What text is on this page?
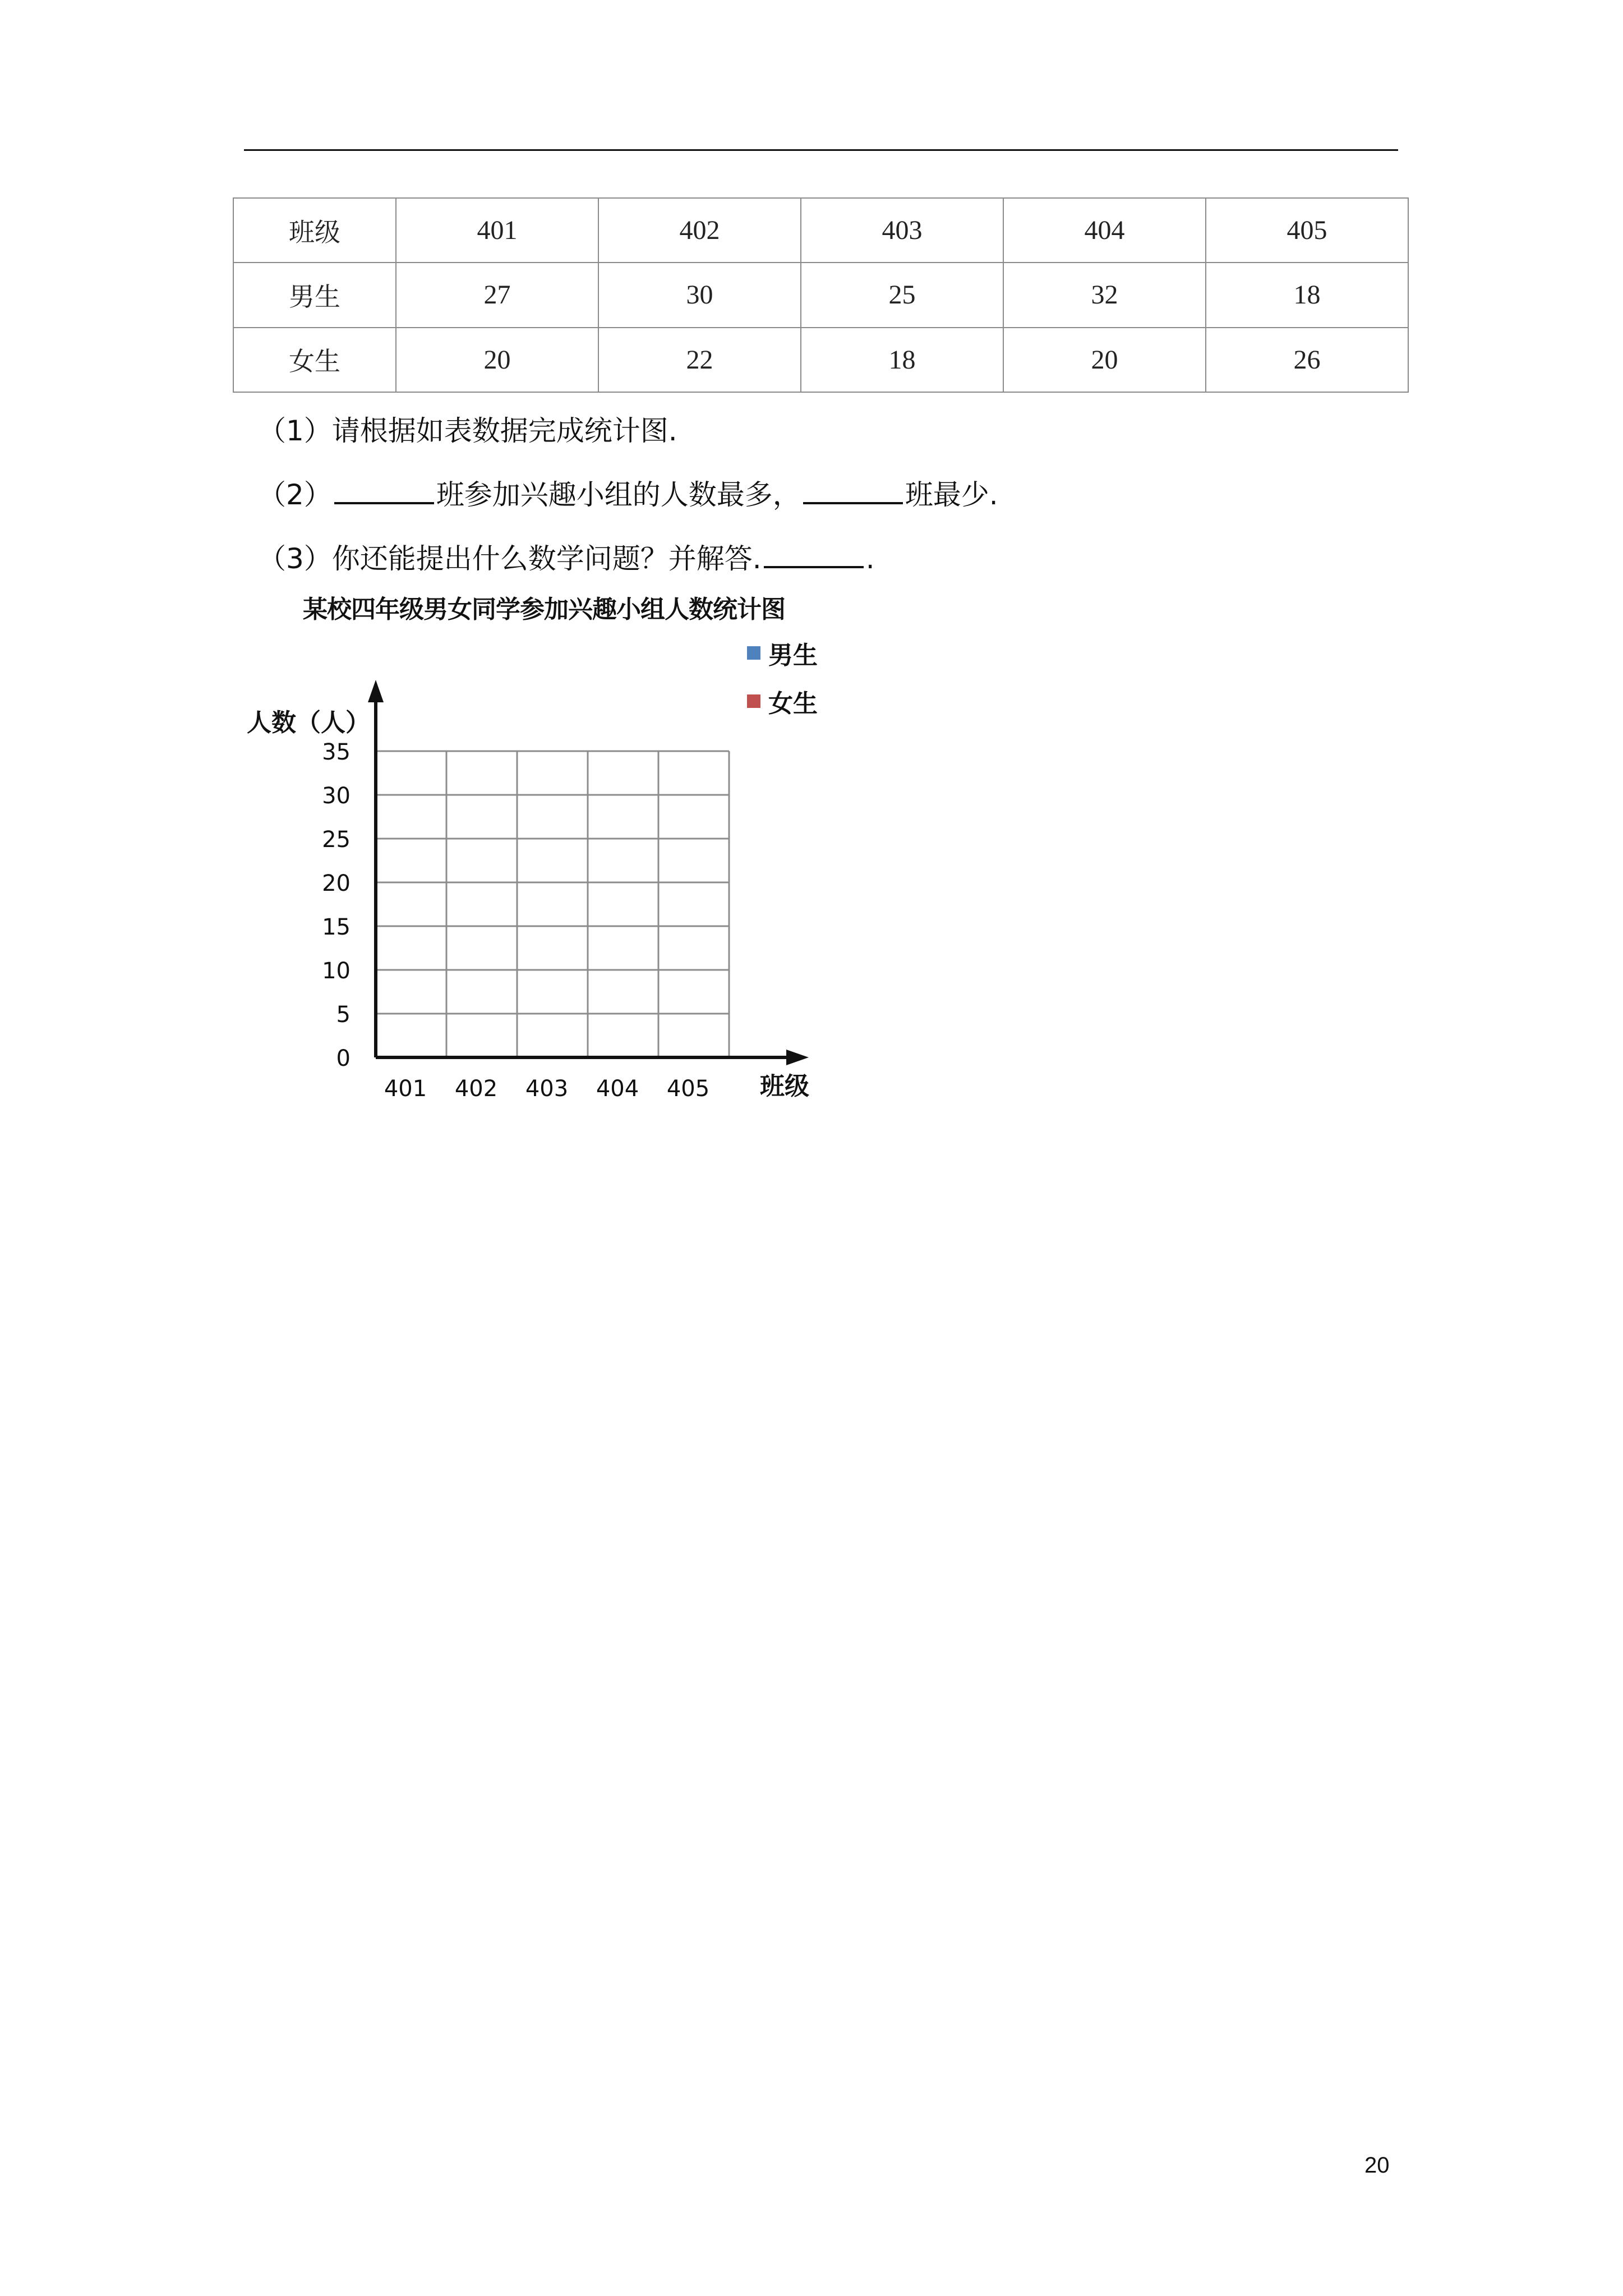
班级	401	402	403	404	405
男生	27	30	25	32	18
女生	20	22	18	20	26
（1）请根据如表数据完成统计图.
（2）	班参加兴趣小组的人数最多，	班最少.
（3）你还能提出什么数学问题？并解答.	.
某校四年级男女同学参加兴趣小组人数统计图
男生
女生
人数（人）
班级
0
5
10
15
20
25
30
35
401 402 403 404 405
20
